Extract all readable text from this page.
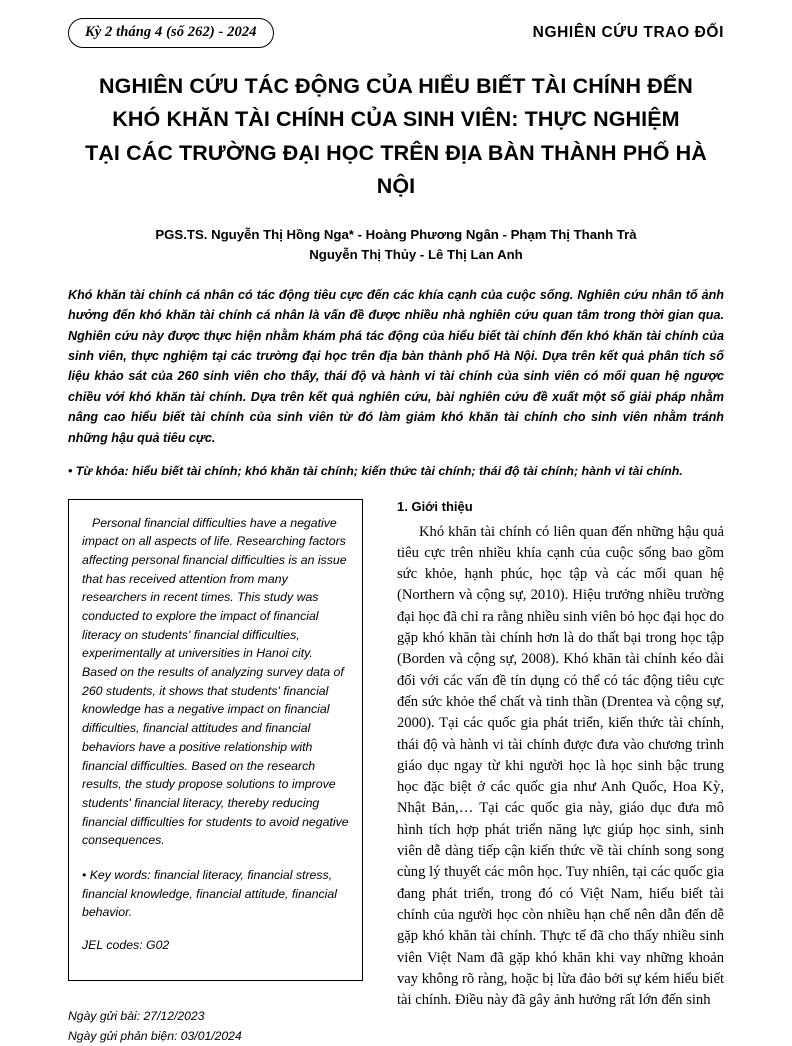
Kỳ 2 tháng 4 (số 262) - 2024	NGHIÊN CỨU TRAO ĐỔI
NGHIÊN CỨU TÁC ĐỘNG CỦA HIỂU BIẾT TÀI CHÍNH ĐẾN
KHÓ KHĂN TÀI CHÍNH CỦA SINH VIÊN: THỰC NGHIỆM
TẠI CÁC TRƯỜNG ĐẠI HỌC TRÊN ĐỊA BÀN THÀNH PHỐ HÀ NỘI
PGS.TS. Nguyễn Thị Hồng Nga* - Hoàng Phương Ngân - Phạm Thị Thanh Trà
Nguyễn Thị Thủy - Lê Thị Lan Anh

Khó khăn tài chính cá nhân có tác động tiêu cực đến các khía cạnh của cuộc sống. Nghiên cứu nhân tố ảnh hưởng đến khó khăn tài chính cá nhân là vấn đề được nhiều nhà nghiên cứu quan tâm trong thời gian qua. Nghiên cứu này được thực hiện nhằm khám phá tác động của hiểu biết tài chính đến khó khăn tài chính của sinh viên, thực nghiệm tại các trường đại học trên địa bàn thành phố Hà Nội. Dựa trên kết quả phân tích số liệu khảo sát của 260 sinh viên cho thấy, thái độ và hành vi tài chính của sinh viên có mối quan hệ ngược chiều với khó khăn tài chính. Dựa trên kết quả nghiên cứu, bài nghiên cứu đề xuất một số giải pháp nhằm nâng cao hiểu biết tài chính của sinh viên từ đó làm giảm khó khăn tài chính cho sinh viên nhằm tránh những hậu quả tiêu cực.

• Từ khóa: hiểu biết tài chính; khó khăn tài chính; kiến thức tài chính; thái độ tài chính; hành vi tài chính.

Personal financial difficulties have a negative impact on all aspects of life. Researching factors affecting personal financial difficulties is an issue that has received attention from many researchers in recent times. This study was conducted to explore the impact of financial literacy on students' financial difficulties, experimentally at universities in Hanoi city. Based on the results of analyzing survey data of 260 students, it shows that students' financial knowledge has a negative impact on financial difficulties, financial attitudes and financial behaviors have a positive relationship with financial difficulties. Based on the research results, the study propose solutions to improve students' financial literacy, thereby reducing financial difficulties for students to avoid negative consequences.

• Key words: financial literacy, financial stress, financial knowledge, financial attitude, financial behavior.

JEL codes: G02

Ngày gửi bài: 27/12/2023
Ngày gửi phản biện: 03/01/2024
1. Giới thiệu

Khó khăn tài chính có liên quan đến những hậu quả tiêu cực trên nhiều khía cạnh của cuộc sống bao gồm sức khỏe, hạnh phúc, học tập và các mối quan hệ (Northern và cộng sự, 2010). Hiệu trưởng nhiều trường đại học đã chỉ ra rằng nhiều sinh viên bỏ học đại học do gặp khó khăn tài chính hơn là do thất bại trong học tập (Borden và cộng sự, 2008). Khó khăn tài chính kéo dài đối với các vấn đề tín dụng có thể có tác động tiêu cực đến sức khỏe thể chất và tinh thần (Drentea và cộng sự, 2000). Tại các quốc gia phát triển, kiến thức tài chính, thái độ và hành vi tài chính được đưa vào chương trình giáo dục ngay từ khi người học là học sinh bậc trung học đặc biệt ở các quốc gia như Anh Quốc, Hoa Kỳ, Nhật Bản,… Tại các quốc gia này, giáo dục đưa mô hình tích hợp phát triển năng lực giúp học sinh, sinh viên dễ dàng tiếp cận kiến thức về tài chính song song cùng lý thuyết các môn học. Tuy nhiên, tại các quốc gia đang phát triển, trong đó có Việt Nam, hiểu biết tài chính của người học còn nhiều hạn chế nên dẫn đến dễ gặp khó khăn tài chính. Thực tế đã cho thấy nhiều sinh viên Việt Nam đã gặp khó khăn khi vay những khoản vay không rõ ràng, hoặc bị lừa đảo bởi sự kém hiểu biết tài chính. Điều này đã gây ảnh hưởng rất lớn đến sinh
